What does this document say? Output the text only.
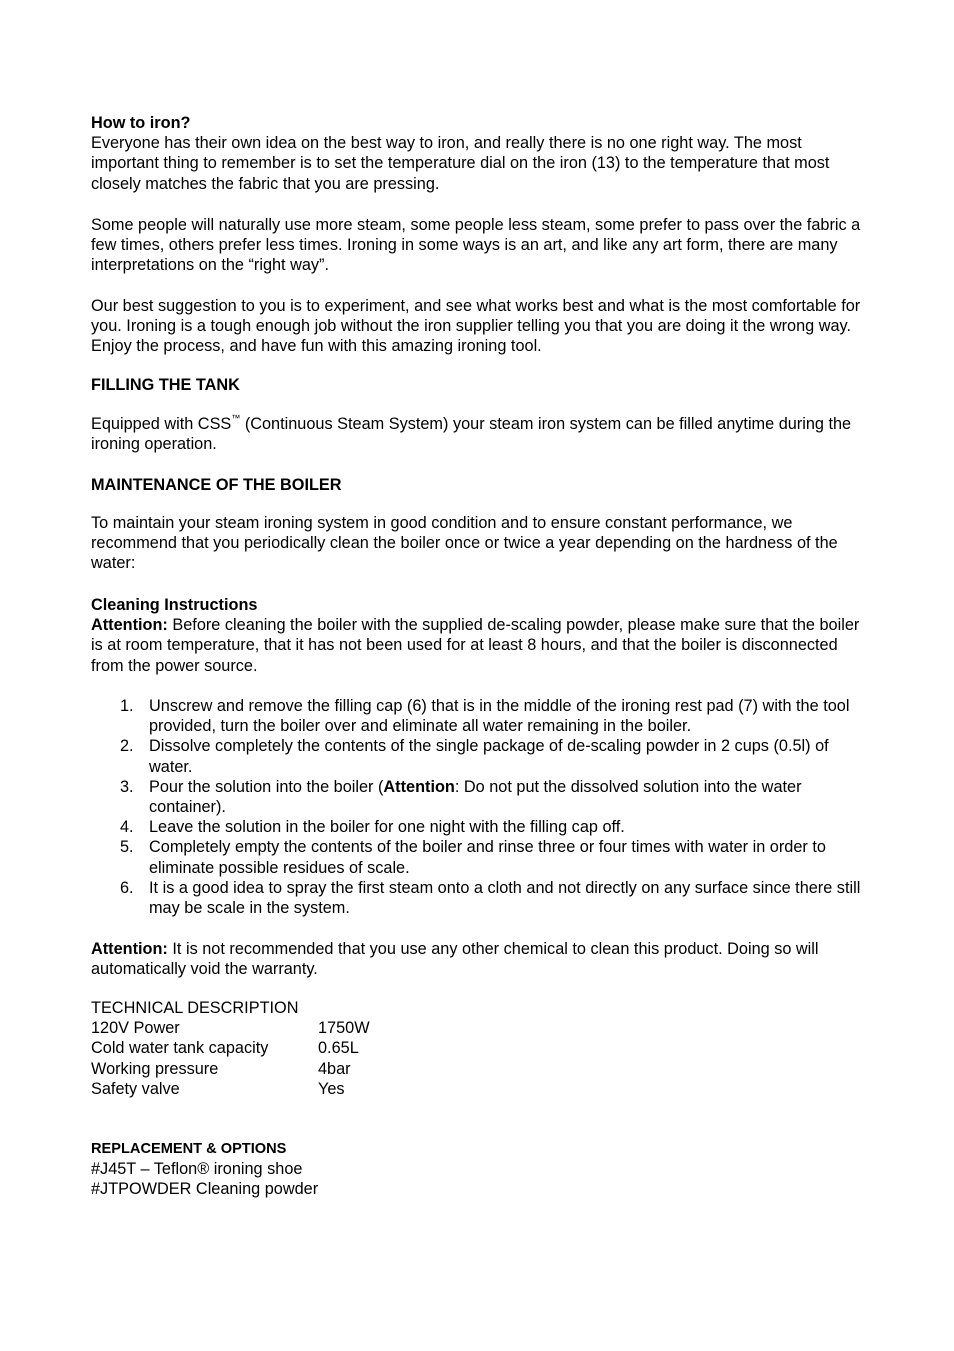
How to iron?

Everyone has their own idea on the best way to iron, and really there is no one right way. The most important thing to remember is to set the temperature dial on the iron (13) to the temperature that most closely matches the fabric that you are pressing.

Some people will naturally use more steam, some people less steam, some prefer to pass over the fabric a few times, others prefer less times. Ironing in some ways is an art, and like any art form, there are many interpretations on the “right way”.

Our best suggestion to you is to experiment, and see what works best and what is the most comfortable for you. Ironing is a tough enough job without the iron supplier telling you that you are doing it the wrong way. Enjoy the process, and have fun with this amazing ironing tool.

FILLING THE TANK

Equipped with CSS™ (Continuous Steam System) your steam iron system can be filled anytime during the ironing operation.

MAINTENANCE OF THE BOILER

To maintain your steam ironing system in good condition and to ensure constant performance, we recommend that you periodically clean the boiler once or twice a year depending on the hardness of the water:

Cleaning Instructions

Attention: Before cleaning the boiler with the supplied de-scaling powder, please make sure that the boiler is at room temperature, that it has not been used for at least 8 hours, and that the boiler is disconnected from the power source.

1. Unscrew and remove the filling cap (6) that is in the middle of the ironing rest pad (7) with the tool provided, turn the boiler over and eliminate all water remaining in the boiler.
2. Dissolve completely the contents of the single package of de-scaling powder in 2 cups (0.5l) of water.
3. Pour the solution into the boiler (Attention: Do not put the dissolved solution into the water container).
4. Leave the solution in the boiler for one night with the filling cap off.
5. Completely empty the contents of the boiler and rinse three or four times with water in order to eliminate possible residues of scale.
6. It is a good idea to spray the first steam onto a cloth and not directly on any surface since there still may be scale in the system.

Attention: It is not recommended that you use any other chemical to clean this product. Doing so will automatically void the warranty.

TECHNICAL DESCRIPTION
120V Power	1750W
Cold water tank capacity	0.65L
Working pressure	4bar
Safety valve	Yes
REPLACEMENT & OPTIONS
#J45T – Teflon® ironing shoe
#JTPOWDER Cleaning powder
